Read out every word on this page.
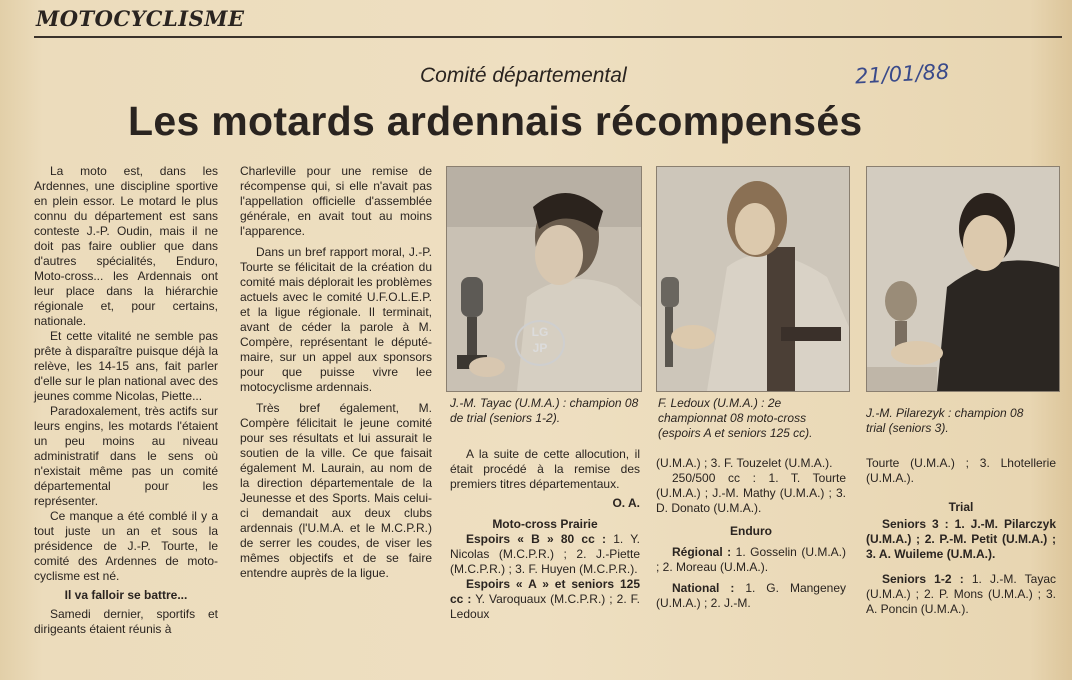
MOTOCYCLISME
Comité départemental	21/01/88
Les motards ardennais récompensés

La moto est, dans les Ardennes, une discipline sportive en plein essor. Le motard le plus connu du département est sans conteste J.-P. Oudin, mais il ne doit pas faire oublier que dans d'autres spécialités, Enduro, Moto-cross... les Ardennais ont leur place dans la hiérarchie régionale et, pour certains, nationale.

Et cette vitalité ne semble pas prête à disparaître puisque déjà la relève, les 14-15 ans, fait parler d'elle sur le plan national avec des jeunes comme Nicolas, Piette...

Paradoxalement, très actifs sur leurs engins, les motards l'étaient un peu moins au niveau administratif dans le sens où n'existait même pas un comité départemental pour les représenter.

Ce manque a été comblé il y a tout juste un an et sous la présidence de J.-P. Tourte, le comité des Ardennes de moto-cyclisme est né.

Il va falloir se battre...

Samedi dernier, sportifs et dirigeants étaient réunis à

Charleville pour une remise de récompense qui, si elle n'avait pas l'appellation officielle d'assemblée générale, en avait tout au moins l'apparence.

Dans un bref rapport moral, J.-P. Tourte se félicitait de la création du comité mais déplorait les problèmes actuels avec le comité U.F.O.L.E.P. et la ligue régionale. Il terminait, avant de céder la parole à M. Compère, représentant le député-maire, sur un appel aux sponsors pour que puisse vivre lee motocyclisme ardennais.

Très bref également, M. Compère félicitait le jeune comité pour ses résultats et lui assurait le soutien de la ville. Ce que faisait également M. Laurain, au nom de la direction départementale de la Jeunesse et des Sports. Mais celui-ci demandait aux deux clubs ardennais (l'U.M.A. et le M.C.P.R.) de serrer les coudes, de viser les mêmes objectifs et de se faire entendre auprès de la ligue.

LG
JP
J.-M. Tayac (U.M.A.) : champion 08 de trial (seniors 1-2).
F. Ledoux (U.M.A.) : 2e championnat 08 moto-cross (espoirs A et seniors 125 cc).
J.-M. Pilarezyk : champion 08 trial (seniors 3).

A la suite de cette allocution, il était procédé à la remise des premiers titres départementaux.

O. A.

Moto-cross Prairie

Espoirs « B » 80 cc : 1. Y. Nicolas (M.C.P.R.) ; 2. J.-Piette (M.C.P.R.) ; 3. F. Huyen (M.C.P.R.).

Espoirs « A » et seniors 125 cc : Y. Varoquaux (M.C.P.R.) ; 2. F. Ledoux

(U.M.A.) ; 3. F. Touzelet (U.M.A.).

250/500 cc : 1. T. Tourte (U.M.A.) ; J.-M. Mathy (U.M.A.) ; 3. D. Donato (U.M.A.).

Enduro

Régional : 1. Gosselin (U.M.A.) ; 2. Moreau (U.M.A.).

National : 1. G. Mangeney (U.M.A.) ; 2. J.-M.

Tourte (U.M.A.) ; 3. Lhotellerie (U.M.A.).

Trial

Seniors 3 : 1. J.-M. Pilarczyk (U.M.A.) ; 2. P.-M. Petit (U.M.A.) ; 3. A. Wuileme (U.M.A.).

Seniors 1-2 : 1. J.-M. Tayac (U.M.A.) ; 2. P. Mons (U.M.A.) ; 3. A. Poncin (U.M.A.).
